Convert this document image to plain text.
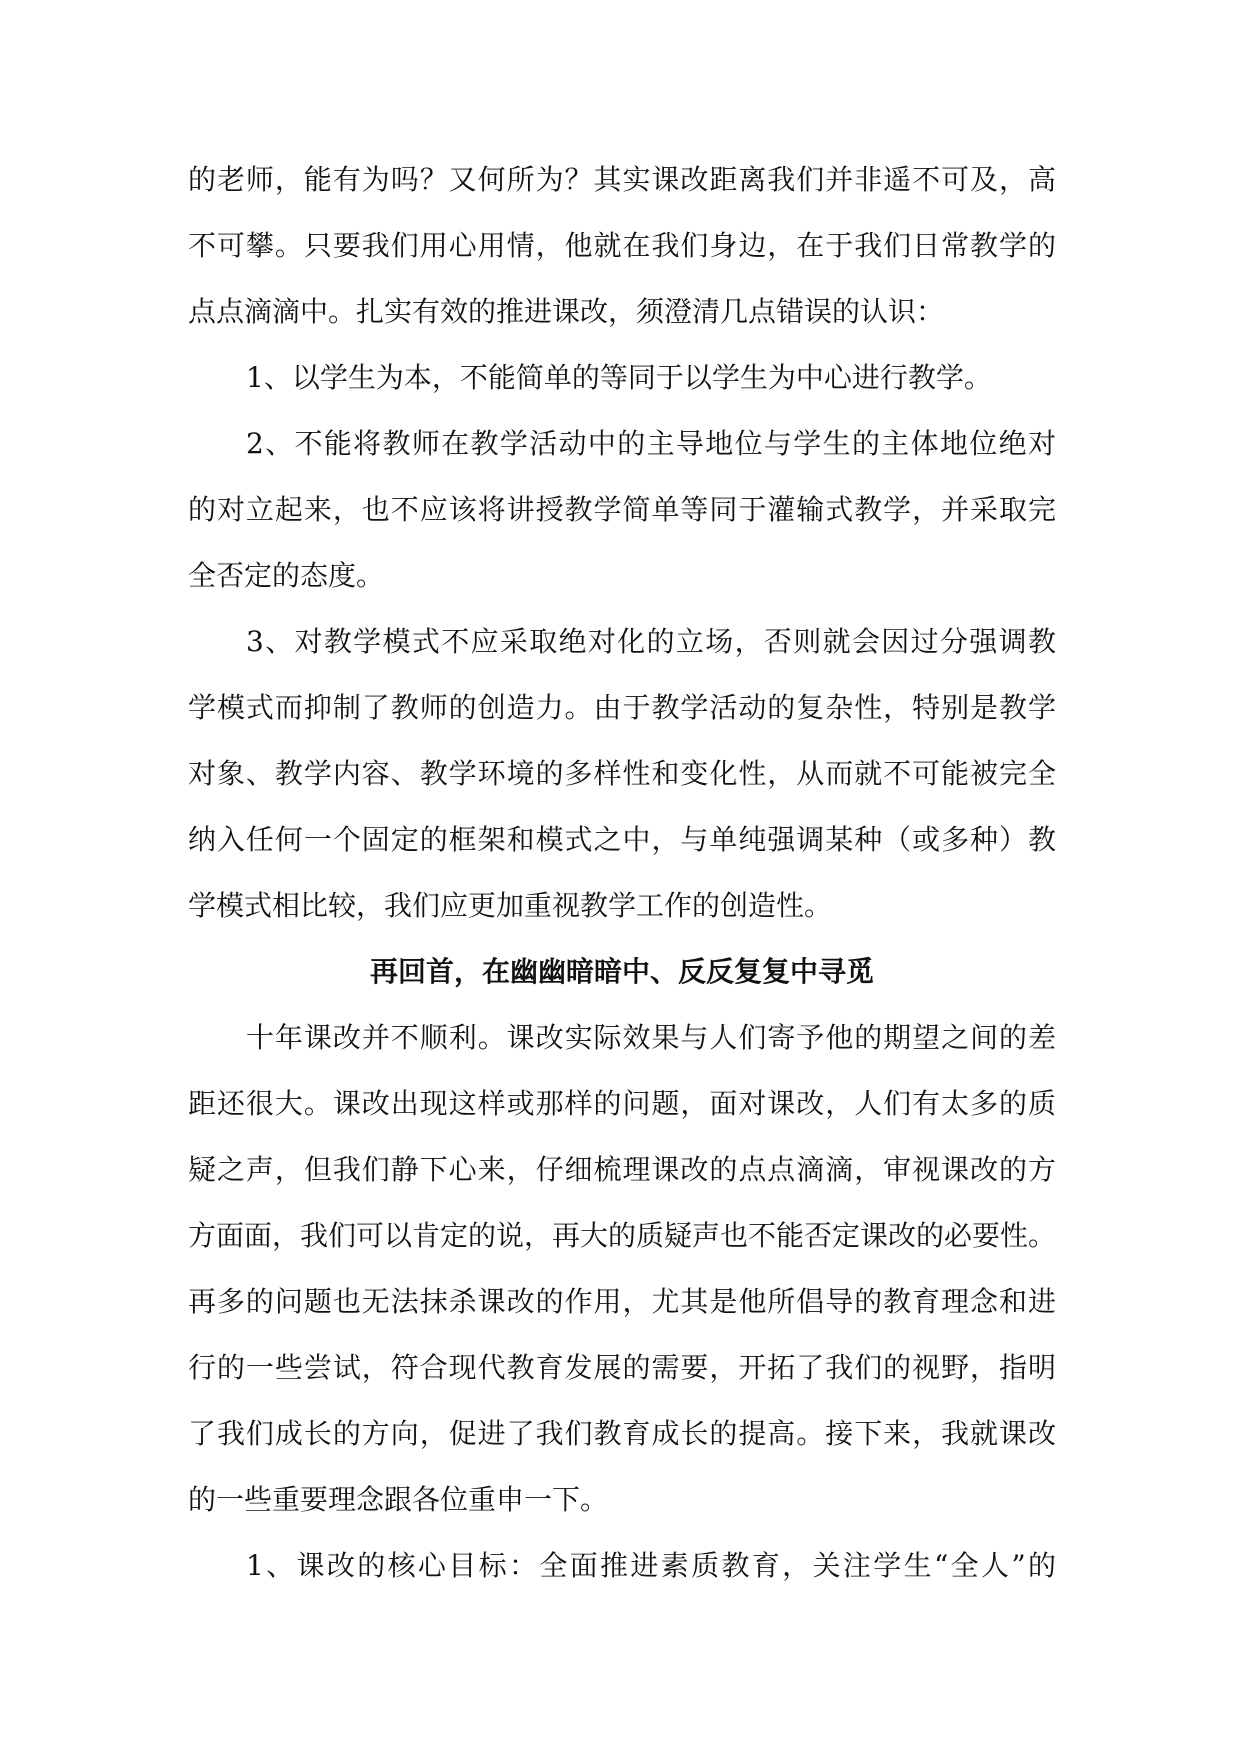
的老师，能有为吗？又何所为？其实课改距离我们并非遥不可及，高
不可攀。只要我们用心用情，他就在我们身边，在于我们日常教学的
点点滴滴中。扎实有效的推进课改，须澄清几点错误的认识：
1、以学生为本，不能简单的等同于以学生为中心进行教学。
2、不能将教师在教学活动中的主导地位与学生的主体地位绝对
的对立起来，也不应该将讲授教学简单等同于灌输式教学，并采取完
全否定的态度。
3、对教学模式不应采取绝对化的立场，否则就会因过分强调教
学模式而抑制了教师的创造力。由于教学活动的复杂性，特别是教学
对象、教学内容、教学环境的多样性和变化性，从而就不可能被完全
纳入任何一个固定的框架和模式之中，与单纯强调某种（或多种）教
学模式相比较，我们应更加重视教学工作的创造性。
再回首，在幽幽暗暗中、反反复复中寻觅
十年课改并不顺利。课改实际效果与人们寄予他的期望之间的差
距还很大。课改出现这样或那样的问题，面对课改，人们有太多的质
疑之声，但我们静下心来，仔细梳理课改的点点滴滴，审视课改的方
方面面，我们可以肯定的说，再大的质疑声也不能否定课改的必要性。
再多的问题也无法抹杀课改的作用，尤其是他所倡导的教育理念和进
行的一些尝试，符合现代教育发展的需要，开拓了我们的视野，指明
了我们成长的方向，促进了我们教育成长的提高。接下来，我就课改
的一些重要理念跟各位重申一下。
1、课改的核心目标：全面推进素质教育，关注学生“全人”的
